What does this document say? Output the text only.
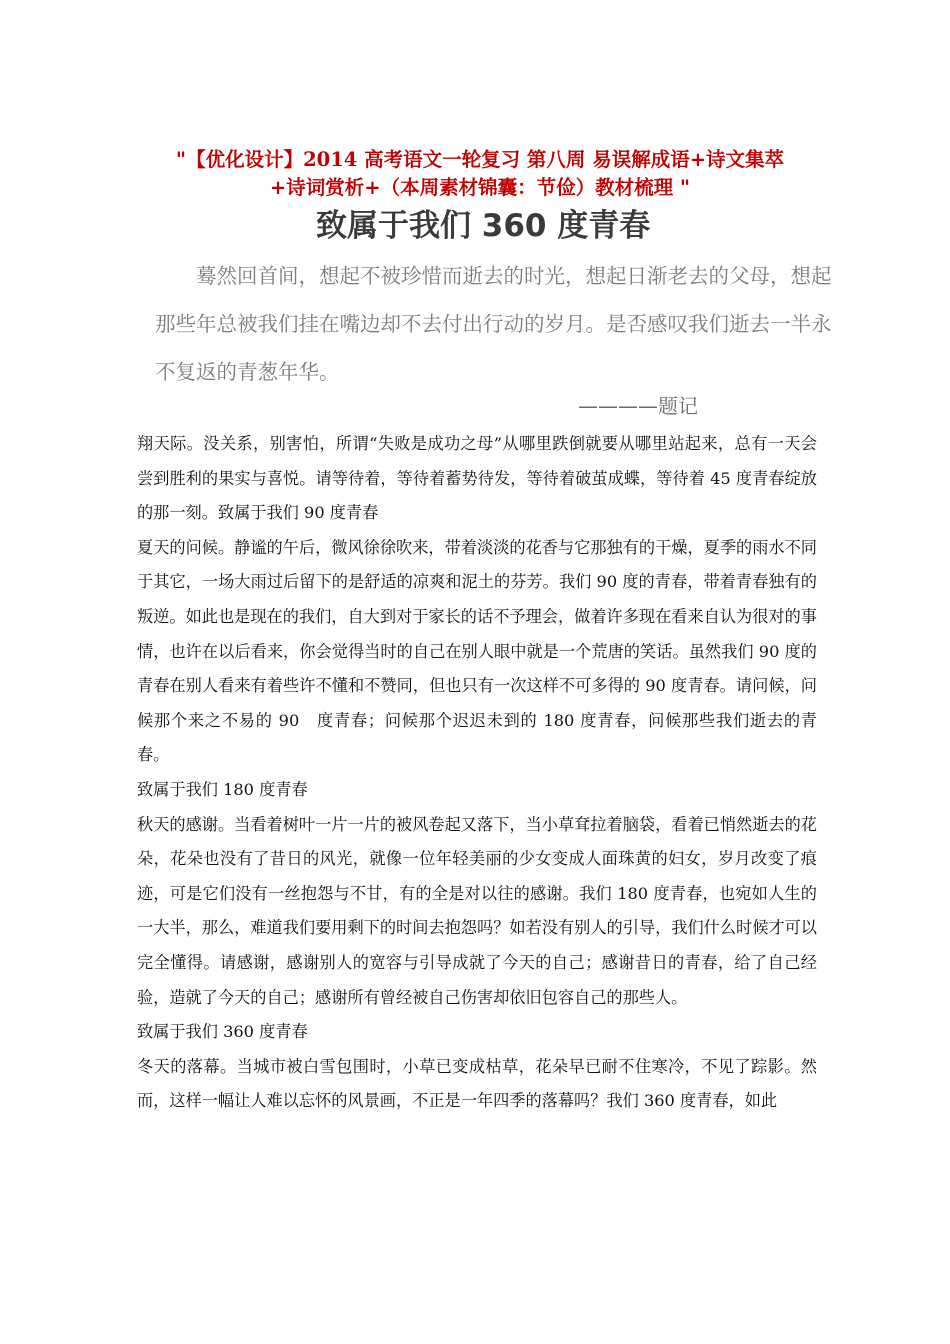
"【优化设计】2014 高考语文一轮复习 第八周 易误解成语+诗文集萃
+诗词赏析+（本周素材锦囊：节俭）教材梳理 "
致属于我们 360 度青春

蓦然回首间，想起不被珍惜而逝去的时光，想起日渐老去的父母，想起那些年总被我们挂在嘴边却不去付出行动的岁月。是否感叹我们逝去一半永不复返的青葱年华。

————题记

翔天际。没关系，别害怕，所谓“失败是成功之母”从哪里跌倒就要从哪里站起来，总有一天会尝到胜利的果实与喜悦。请等待着，等待着蓄势待发，等待着破茧成蝶，等待着 45 度青春绽放的那一刻。致属于我们 90 度青春

夏天的问候。静谧的午后，微风徐徐吹来，带着淡淡的花香与它那独有的干燥，夏季的雨水不同于其它，一场大雨过后留下的是舒适的凉爽和泥土的芬芳。我们 90 度的青春，带着青春独有的叛逆。如此也是现在的我们，自大到对于家长的话不予理会，做着许多现在看来自认为很对的事情，也许在以后看来，你会觉得当时的自己在别人眼中就是一个荒唐的笑话。虽然我们 90 度的青春在别人看来有着些许不懂和不赞同，但也只有一次这样不可多得的 90 度青春。请问候，问候那个来之不易的 90　度青春；问候那个迟迟未到的 180 度青春，问候那些我们逝去的青春。

致属于我们 180 度青春

秋天的感谢。当看着树叶一片一片的被风卷起又落下，当小草耷拉着脑袋，看着已悄然逝去的花朵，花朵也没有了昔日的风光，就像一位年轻美丽的少女变成人面珠黄的妇女，岁月改变了痕迹，可是它们没有一丝抱怨与不甘，有的全是对以往的感谢。我们 180 度青春，也宛如人生的一大半，那么，难道我们要用剩下的时间去抱怨吗？如若没有别人的引导，我们什么时候才可以完全懂得。请感谢，感谢别人的宽容与引导成就了今天的自己；感谢昔日的青春，给了自己经验，造就了今天的自己；感谢所有曾经被自己伤害却依旧包容自己的那些人。

致属于我们 360 度青春

冬天的落幕。当城市被白雪包围时，小草已变成枯草，花朵早已耐不住寒冷，不见了踪影。然而，这样一幅让人难以忘怀的风景画，不正是一年四季的落幕吗？我们 360 度青春，如此
